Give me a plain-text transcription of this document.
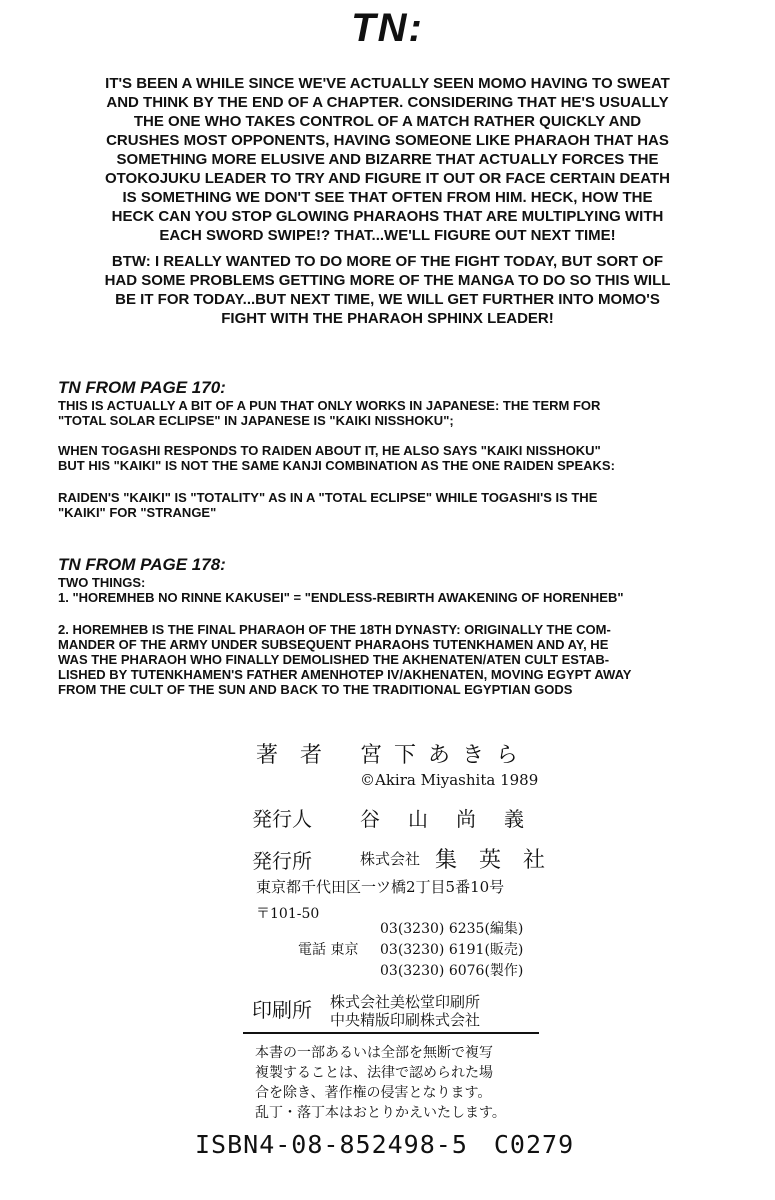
TN:
IT'S BEEN A WHILE SINCE WE'VE ACTUALLY SEEN MOMO HAVING TO SWEAT
AND THINK BY THE END OF A CHAPTER. CONSIDERING THAT HE'S USUALLY
THE ONE WHO TAKES CONTROL OF A MATCH RATHER QUICKLY AND
CRUSHES MOST OPPONENTS, HAVING SOMEONE LIKE PHARAOH THAT HAS
SOMETHING MORE ELUSIVE AND BIZARRE THAT ACTUALLY FORCES THE
OTOKOJUKU LEADER TO TRY AND FIGURE IT OUT OR FACE CERTAIN DEATH
IS SOMETHING WE DON'T SEE THAT OFTEN FROM HIM. HECK, HOW THE
HECK CAN YOU STOP GLOWING PHARAOHS THAT ARE MULTIPLYING WITH
EACH SWORD SWIPE!? THAT...WE'LL FIGURE OUT NEXT TIME!
BTW: I REALLY WANTED TO DO MORE OF THE FIGHT TODAY, BUT SORT OF
HAD SOME PROBLEMS GETTING MORE OF THE MANGA TO DO SO THIS WILL
BE IT FOR TODAY...BUT NEXT TIME, WE WILL GET FURTHER INTO MOMO'S
FIGHT WITH THE PHARAOH SPHINX LEADER!
TN FROM PAGE 170:
THIS IS ACTUALLY A BIT OF A PUN THAT ONLY WORKS IN JAPANESE: THE TERM FOR
"TOTAL SOLAR ECLIPSE" IN JAPANESE IS "KAIKI NISSHOKU";
WHEN TOGASHI RESPONDS TO RAIDEN ABOUT IT, HE ALSO SAYS "KAIKI NISSHOKU"
BUT HIS "KAIKI" IS NOT THE SAME KANJI COMBINATION AS THE ONE RAIDEN SPEAKS:
RAIDEN'S "KAIKI" IS "TOTALITY" AS IN A "TOTAL ECLIPSE" WHILE TOGASHI'S IS THE
"KAIKI" FOR "STRANGE"
TN FROM PAGE 178:
TWO THINGS:
1. "HOREMHEB NO RINNE KAKUSEI" = "ENDLESS-REBIRTH AWAKENING OF HORENHEB"
2. HOREMHEB IS THE FINAL PHARAOH OF THE 18TH DYNASTY: ORIGINALLY THE COM-
MANDER OF THE ARMY UNDER SUBSEQUENT PHARAOHS TUTENKHAMEN AND AY, HE
WAS THE PHARAOH WHO FINALLY DEMOLISHED THE AKHENATEN/ATEN CULT ESTAB-
LISHED BY TUTENKHAMEN'S FATHER AMENHOTEP IV/AKHENATEN, MOVING EGYPT AWAY
FROM THE CULT OF THE SUN AND BACK TO THE TRADITIONAL EGYPTIAN GODS
著　者 宮下あきら
©Akira Miyashita 1989
発行人 谷　山　尚　義
発行所	株式会社 集　英　社
東京都千代田区一ツ橋2丁目5番10号
〒101-50
03(3230) 6235(編集)
電話 東京 03(3230) 6191(販売)
03(3230) 6076(製作)
印刷所 株式会社美松堂印刷所
中央精版印刷株式会社
本書の一部あるいは全部を無断で複写
複製することは、法律で認められた場
合を除き、著作権の侵害となります。
乱丁・落丁本はおとりかえいたします。
ISBN4-08-852498-5　C0279
